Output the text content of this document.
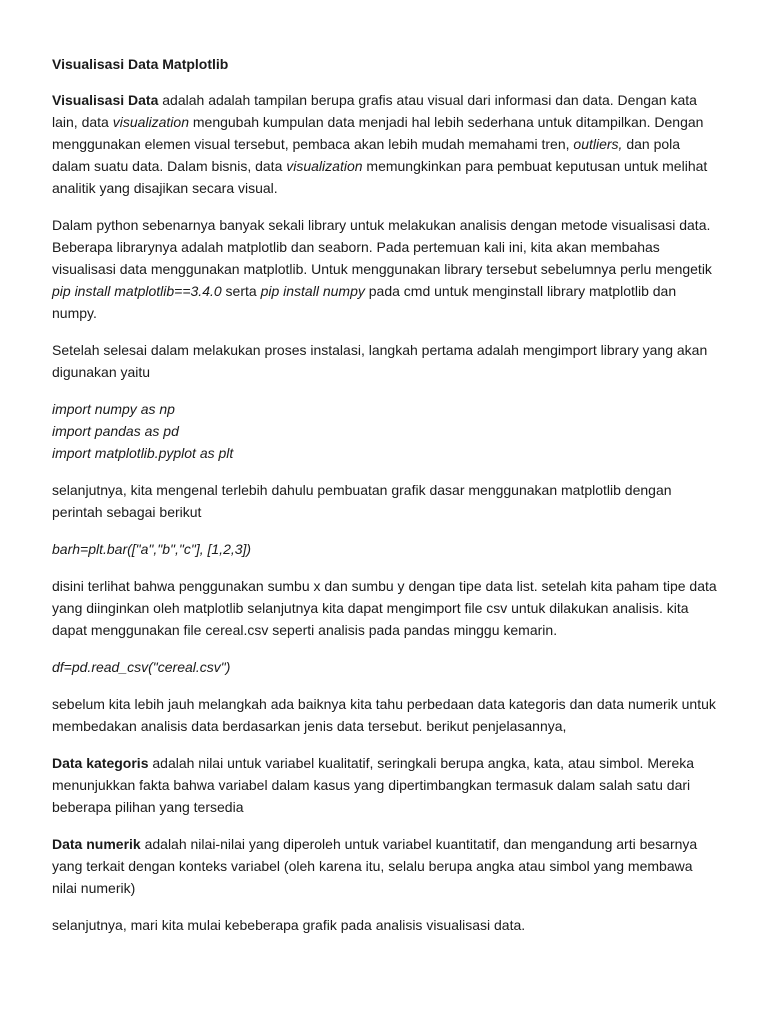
Visualisasi Data Matplotlib

Visualisasi Data adalah adalah tampilan berupa grafis atau visual dari informasi dan data. Dengan kata lain, data visualization mengubah kumpulan data menjadi hal lebih sederhana untuk ditampilkan. Dengan menggunakan elemen visual tersebut, pembaca akan lebih mudah memahami tren, outliers, dan pola dalam suatu data. Dalam bisnis, data visualization memungkinkan para pembuat keputusan untuk melihat analitik yang disajikan secara visual.

Dalam python sebenarnya banyak sekali library untuk melakukan analisis dengan metode visualisasi data. Beberapa librarynya adalah matplotlib dan seaborn. Pada pertemuan kali ini, kita akan membahas visualisasi data menggunakan matplotlib. Untuk menggunakan library tersebut sebelumnya perlu mengetik pip install matplotlib==3.4.0 serta pip install numpy pada cmd untuk menginstall library matplotlib dan numpy.

Setelah selesai dalam melakukan proses instalasi, langkah pertama adalah mengimport library yang akan digunakan yaitu

import numpy as np
import pandas as pd
import matplotlib.pyplot as plt

selanjutnya, kita mengenal terlebih dahulu pembuatan grafik dasar menggunakan matplotlib dengan perintah sebagai berikut

barh=plt.bar(["a","b","c"], [1,2,3])

disini terlihat bahwa penggunakan sumbu x dan sumbu y dengan tipe data list. setelah kita paham tipe data yang diinginkan oleh matplotlib selanjutnya kita dapat mengimport file csv untuk dilakukan analisis. kita dapat menggunakan file cereal.csv seperti analisis pada pandas minggu kemarin.

df=pd.read_csv("cereal.csv")

sebelum kita lebih jauh melangkah ada baiknya kita tahu perbedaan data kategoris dan data numerik untuk membedakan analisis data berdasarkan jenis data tersebut. berikut penjelasannya,

Data kategoris adalah nilai untuk variabel kualitatif, seringkali berupa angka, kata, atau simbol. Mereka menunjukkan fakta bahwa variabel dalam kasus yang dipertimbangkan termasuk dalam salah satu dari beberapa pilihan yang tersedia

Data numerik adalah nilai-nilai yang diperoleh untuk variabel kuantitatif, dan mengandung arti besarnya yang terkait dengan konteks variabel (oleh karena itu, selalu berupa angka atau simbol yang membawa nilai numerik)

selanjutnya, mari kita mulai kebeberapa grafik pada analisis visualisasi data.
